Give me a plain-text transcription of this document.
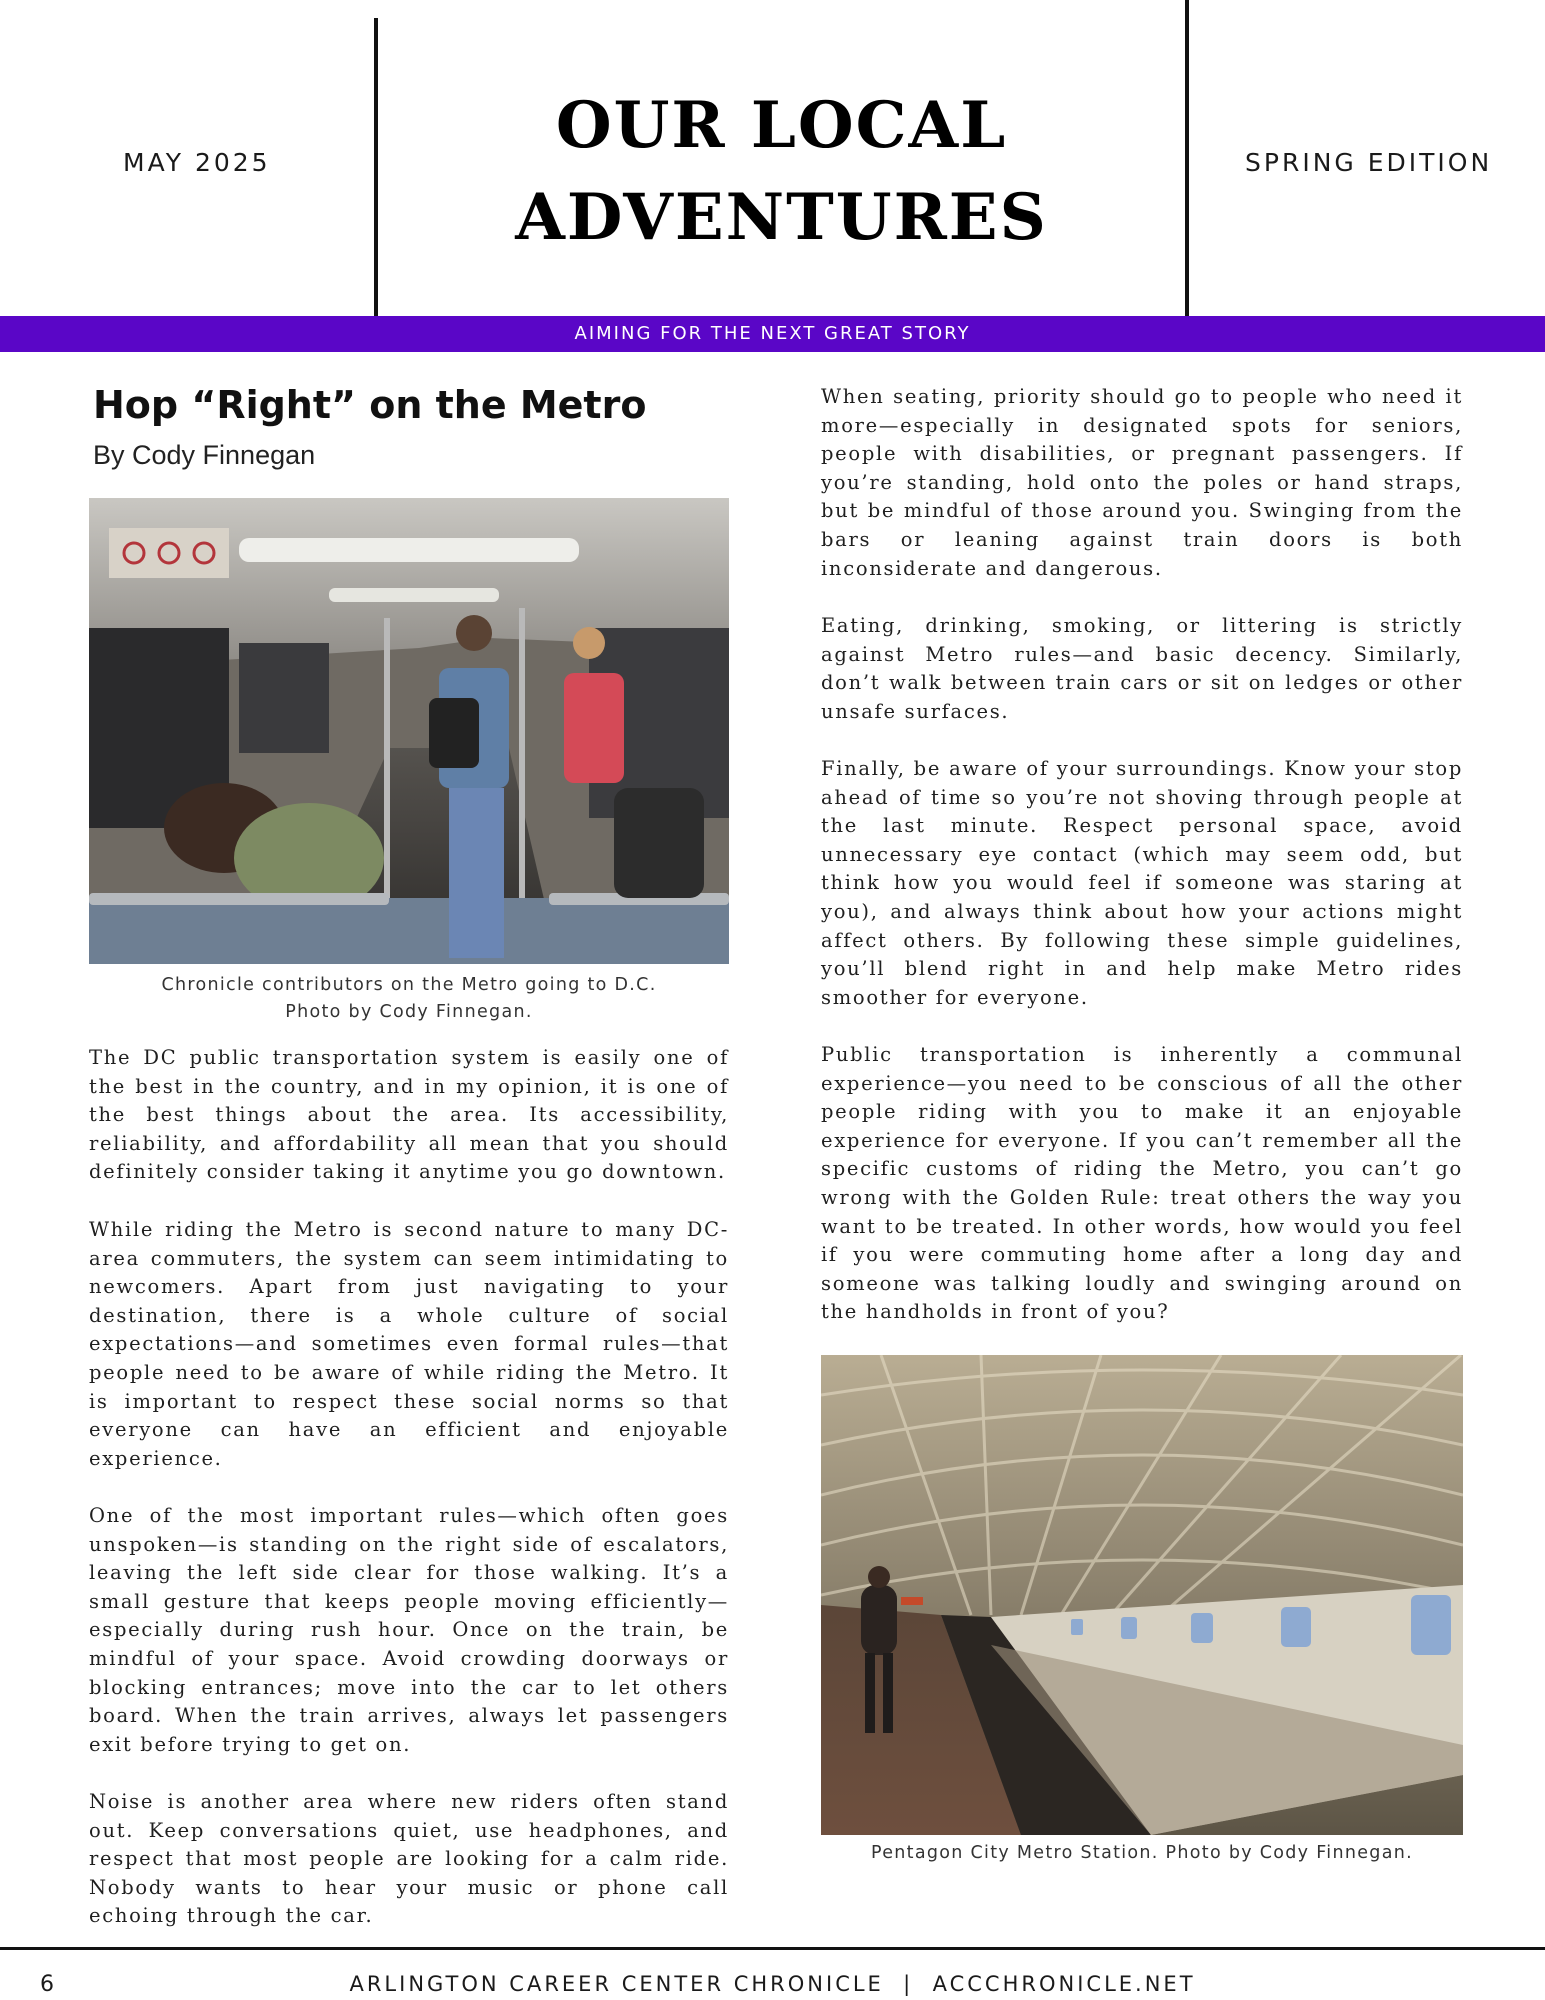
MAY 2025	OUR LOCAL
ADVENTURES
SPRING EDITION
AIMING FOR THE NEXT GREAT STORY
Hop “Right” on the Metro
By Cody Finnegan
Chronicle contributors on the Metro going to D.C.
Photo by Cody Finnegan.

The DC public transportation system is easily one of the best in the country, and in my opinion, it is one of the best things about the area. Its accessibility, reliability, and affordability all mean that you should definitely consider taking it anytime you go downtown.

While riding the Metro is second nature to many DC-area commuters, the system can seem intimidating to newcomers. Apart from just navigating to your destination, there is a whole culture of social expectations—and sometimes even formal rules—that people need to be aware of while riding the Metro. It is important to respect these social norms so that everyone can have an efficient and enjoyable experience.

One of the most important rules—which often goes unspoken—is standing on the right side of escalators, leaving the left side clear for those walking. It’s a small gesture that keeps people moving efficiently—especially during rush hour. Once on the train, be mindful of your space. Avoid crowding doorways or blocking entrances; move into the car to let others board. When the train arrives, always let passengers exit before trying to get on.

Noise is another area where new riders often stand out. Keep conversations quiet, use headphones, and respect that most people are looking for a calm ride. Nobody wants to hear your music or phone call echoing through the car.

When seating, priority should go to people who need it more—especially in designated spots for seniors, people with disabilities, or pregnant passengers. If you’re standing, hold onto the poles or hand straps, but be mindful of those around you. Swinging from the bars or leaning against train doors is both inconsiderate and dangerous.

Eating, drinking, smoking, or littering is strictly against Metro rules—and basic decency. Similarly, don’t walk between train cars or sit on ledges or other unsafe surfaces.

Finally, be aware of your surroundings. Know your stop ahead of time so you’re not shoving through people at the last minute. Respect personal space, avoid unnecessary eye contact (which may seem odd, but think how you would feel if someone was staring at you), and always think about how your actions might affect others. By following these simple guidelines, you’ll blend right in and help make Metro rides smoother for everyone.

Public transportation is inherently a communal experience—you need to be conscious of all the other people riding with you to make it an enjoyable experience for everyone. If you can’t remember all the specific customs of riding the Metro, you can’t go wrong with the Golden Rule: treat others the way you want to be treated. In other words, how would you feel if you were commuting home after a long day and someone was talking loudly and swinging around on the handholds in front of you?

Pentagon City Metro Station. Photo by Cody Finnegan.
6	ARLINGTON CAREER CENTER CHRONICLE  |  ACCCHRONICLE.NET
